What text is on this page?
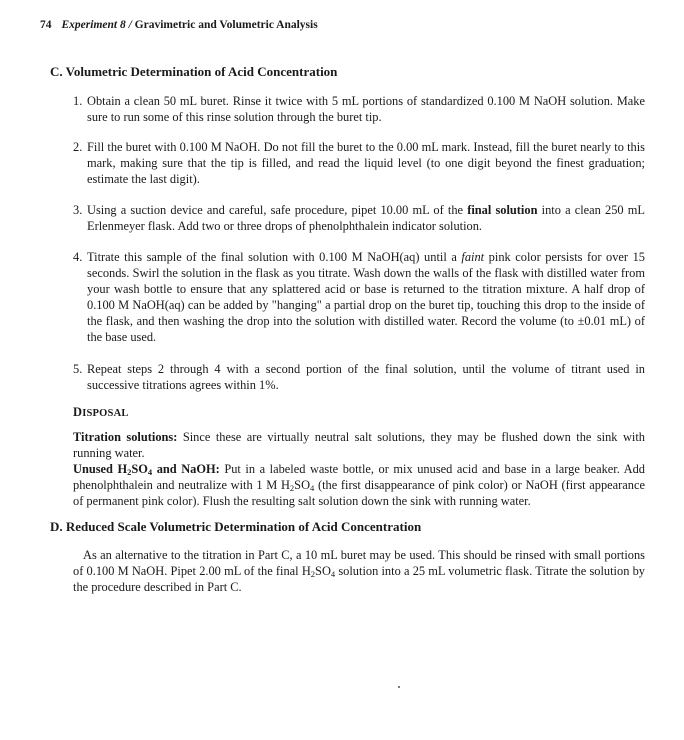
74 Experiment 8 / Gravimetric and Volumetric Analysis
C. Volumetric Determination of Acid Concentration
1. Obtain a clean 50 mL buret. Rinse it twice with 5 mL portions of standardized 0.100 M NaOH solution. Make sure to run some of this rinse solution through the buret tip.
2. Fill the buret with 0.100 M NaOH. Do not fill the buret to the 0.00 mL mark. Instead, fill the buret nearly to this mark, making sure that the tip is filled, and read the liquid level (to one digit beyond the finest graduation; estimate the last digit).
3. Using a suction device and careful, safe procedure, pipet 10.00 mL of the final solution into a clean 250 mL Erlenmeyer flask. Add two or three drops of phenolphthalein indicator solution.
4. Titrate this sample of the final solution with 0.100 M NaOH(aq) until a faint pink color persists for over 15 seconds. Swirl the solution in the flask as you titrate. Wash down the walls of the flask with distilled water from your wash bottle to ensure that any splattered acid or base is returned to the titration mixture. A half drop of 0.100 M NaOH(aq) can be added by "hanging" a partial drop on the buret tip, touching this drop to the inside of the flask, and then washing the drop into the solution with distilled water. Record the volume (to ±0.01 mL) of the base used.
5. Repeat steps 2 through 4 with a second portion of the final solution, until the volume of titrant used in successive titrations agrees within 1%.
DISPOSAL

Titration solutions: Since these are virtually neutral salt solutions, they may be flushed down the sink with running water.

Unused $H_2SO_4$ and NaOH: Put in a labeled waste bottle, or mix unused acid and base in a large beaker. Add phenolphthalein and neutralize with 1 M $H_2SO_4$ (the first disappearance of pink color) or NaOH (first appearance of permanent pink color). Flush the resulting salt solution down the sink with running water.

D. Reduced Scale Volumetric Determination of Acid Concentration

As an alternative to the titration in Part C, a 10 mL buret may be used. This should be rinsed with small portions of 0.100 M NaOH. Pipet 2.00 mL of the final $H_2SO_4$ solution into a 25 mL volumetric flask. Titrate the solution by the procedure described in Part C.
